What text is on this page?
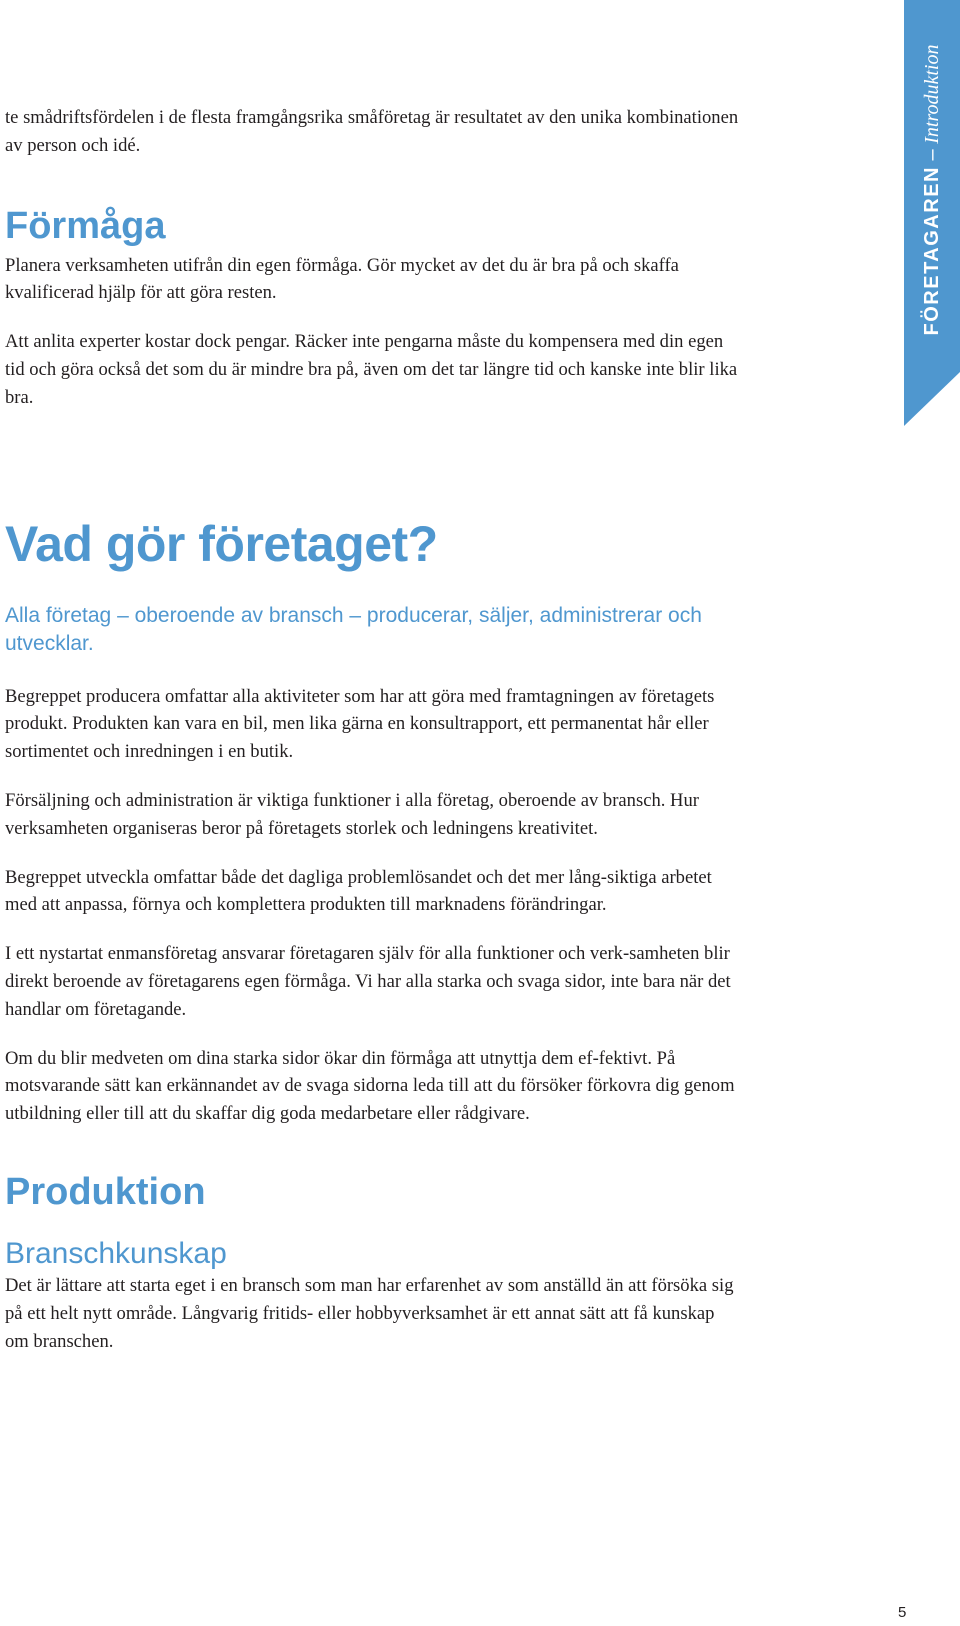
FÖRETAGAREN – Introduktion

te smådriftsfördelen i de flesta framgångsrika småföretag är resultatet av den unika kombinationen av person och idé.

Förmåga

Planera verksamheten utifrån din egen förmåga. Gör mycket av det du är bra på och skaffa kvalificerad hjälp för att göra resten.

Att anlita experter kostar dock pengar. Räcker inte pengarna måste du kompensera med din egen tid och göra också det som du är mindre bra på, även om det tar längre tid och kanske inte blir lika bra.

Vad gör företaget?

Alla företag – oberoende av bransch – producerar, säljer, administrerar och utvecklar.

Begreppet producera omfattar alla aktiviteter som har att göra med framtagningen av företagets produkt. Produkten kan vara en bil, men lika gärna en konsultrapport, ett permanentat hår eller sortimentet och inredningen i en butik.

Försäljning och administration är viktiga funktioner i alla företag, oberoende av bransch. Hur verksamheten organiseras beror på företagets storlek och ledningens kreativitet.

Begreppet utveckla omfattar både det dagliga problemlösandet och det mer lång-siktiga arbetet med att anpassa, förnya och komplettera produkten till marknadens förändringar.

I ett nystartat enmansföretag ansvarar företagaren själv för alla funktioner och verk-samheten blir direkt beroende av företagarens egen förmåga. Vi har alla starka och svaga sidor, inte bara när det handlar om företagande.

Om du blir medveten om dina starka sidor ökar din förmåga att utnyttja dem ef-fektivt. På motsvarande sätt kan erkännandet av de svaga sidorna leda till att du försöker förkovra dig genom utbildning eller till att du skaffar dig goda medarbetare eller rådgivare.

Produktion
Branschkunskap

Det är lättare att starta eget i en bransch som man har erfarenhet av som anställd än att försöka sig på ett helt nytt område. Långvarig fritids- eller hobbyverksamhet är ett annat sätt att få kunskap om branschen.

5
